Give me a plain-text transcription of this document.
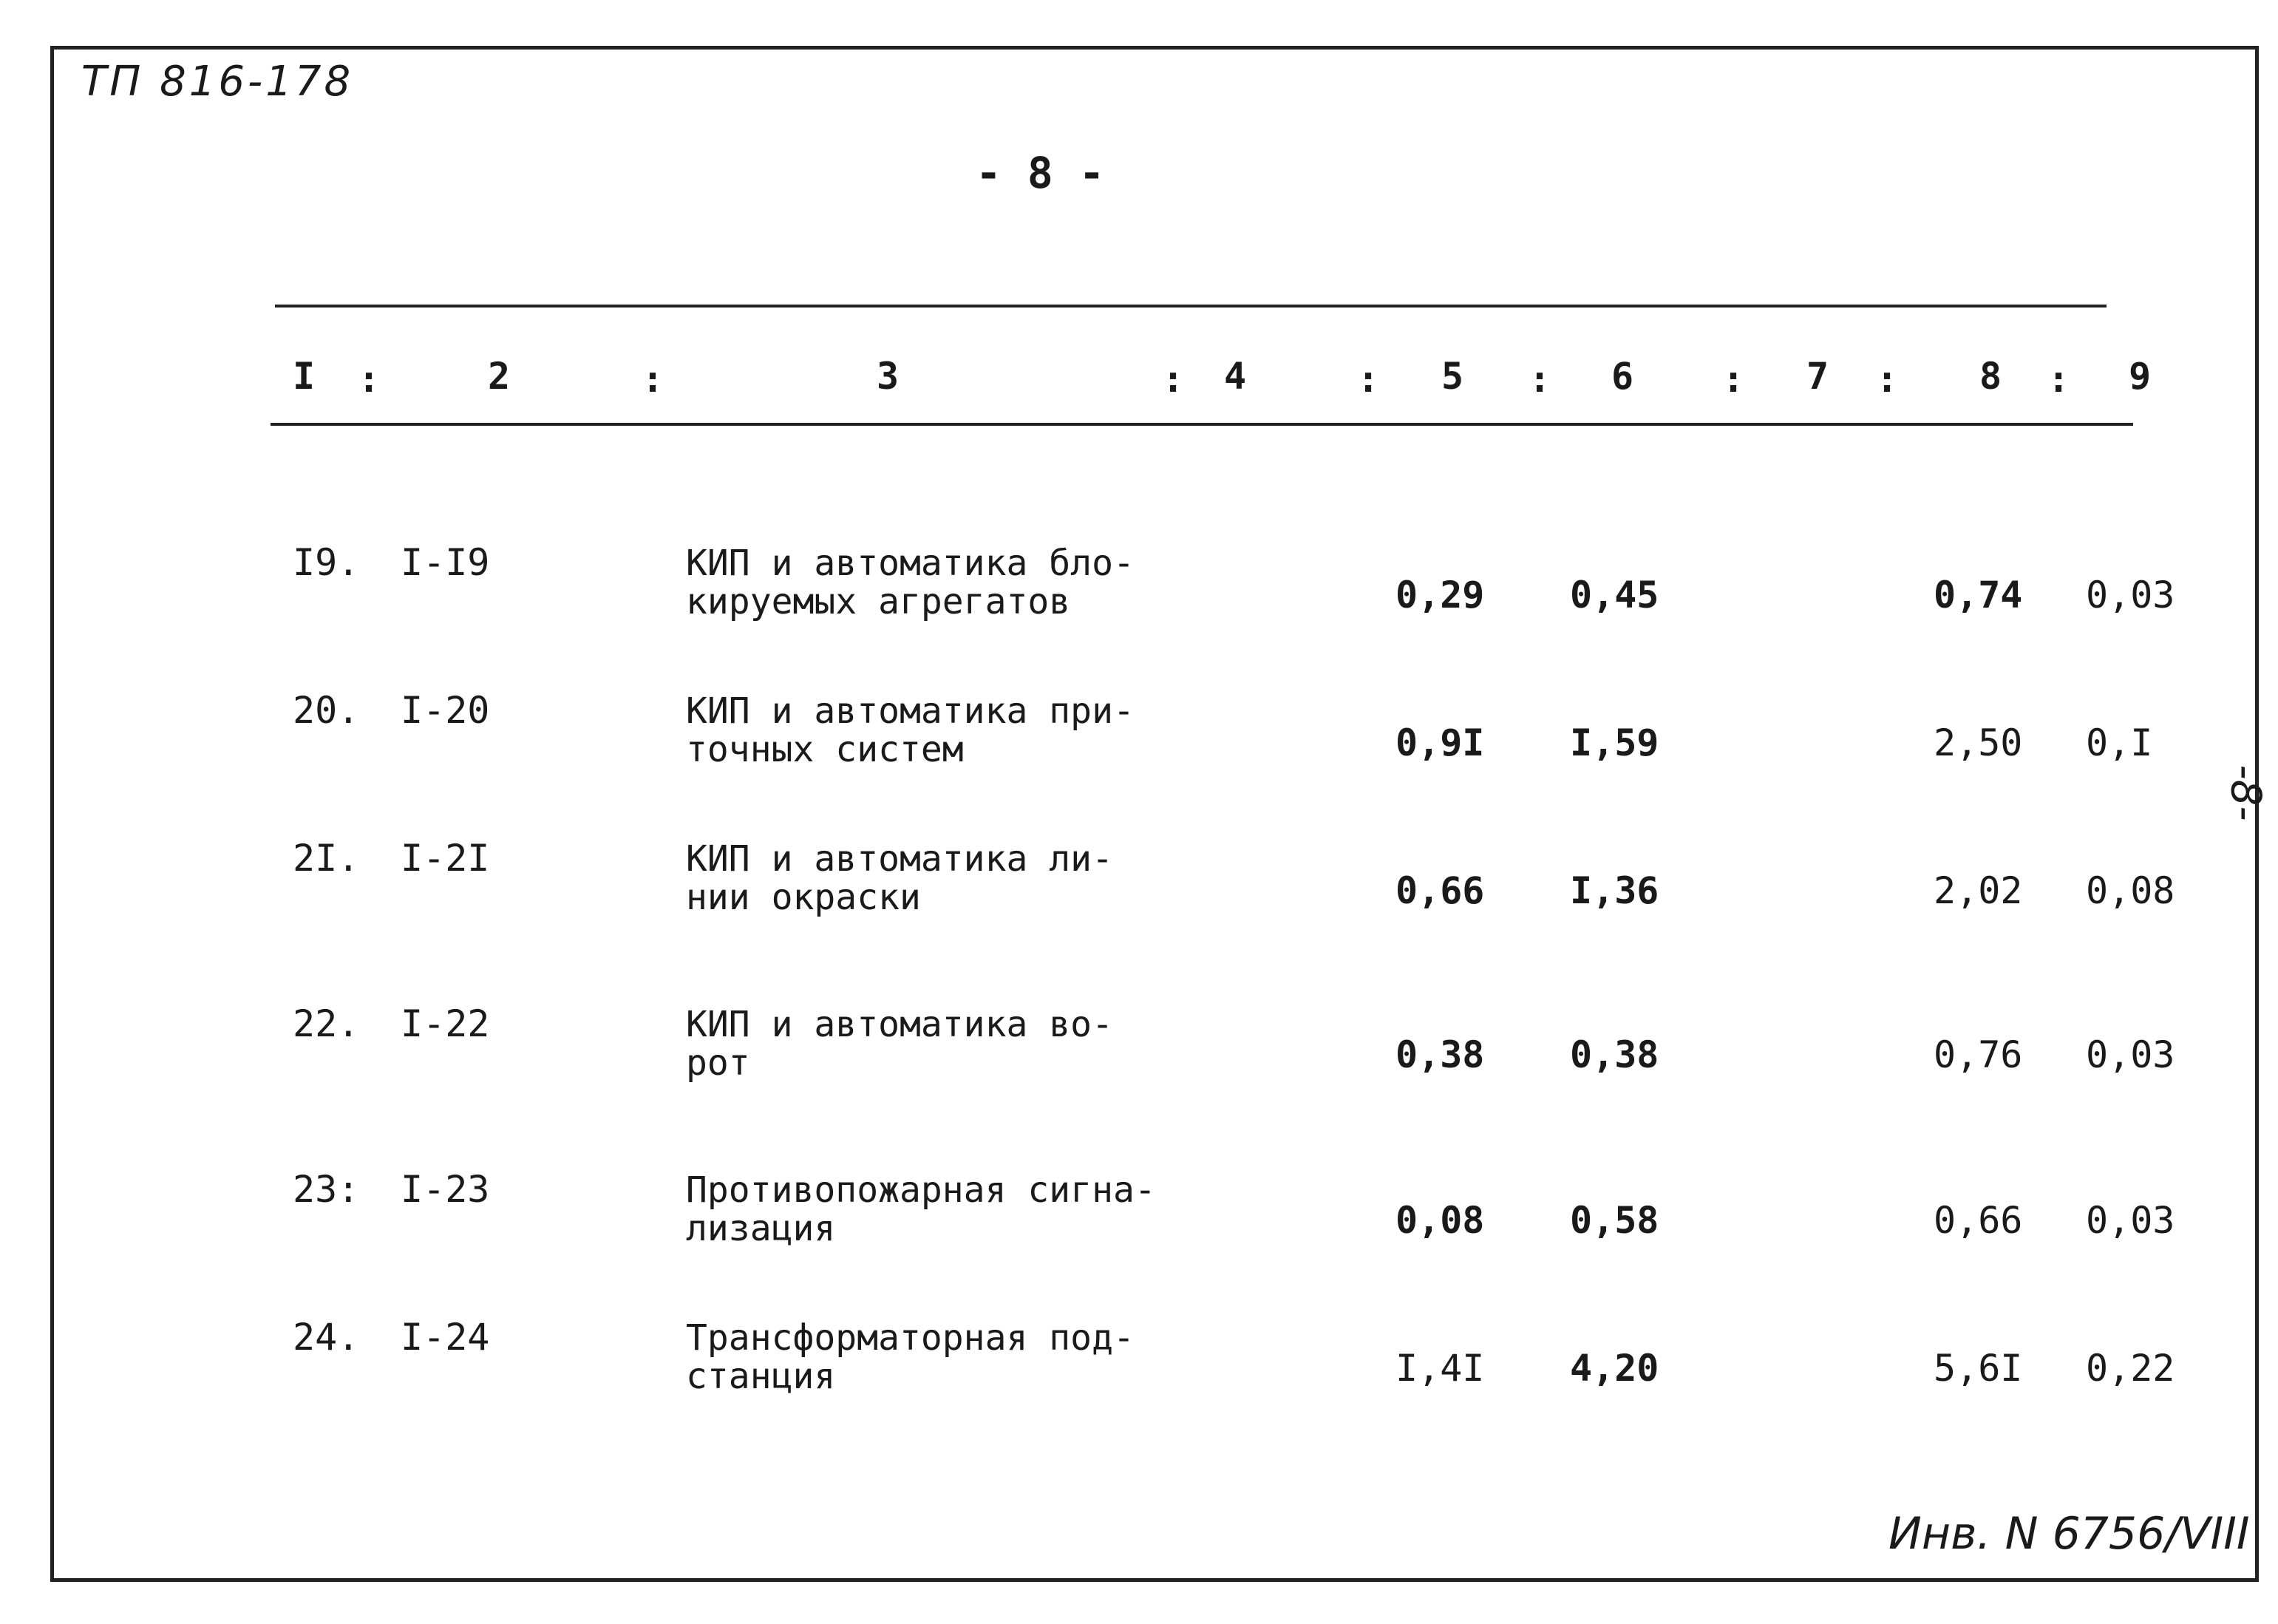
ТП 816-178
- 8 -
-8-
I :	2	:	3	: 4	: 5 : 6 : 7 : 8 : 9
I9. I-I9	КИП и автоматика бло-
кируемых агрегатов	0,29 0,45	0,74 0,03
20. I-20	КИП и автоматика при-
точных систем	0,9I I,59	2,50 0,I
2I. I-2I	КИП и автоматика ли-
нии окраски	0,66 I,36	2,02 0,08
22. I-22	КИП и автоматика во-
рот	0,38 0,38	0,76 0,03
23: I-23	Противопожарная сигна-
лизация	0,08 0,58	0,66 0,03
24. I-24	Трансформаторная под-
станция	I,4I 4,20	5,6I 0,22
Инв. N 6756/VIII
